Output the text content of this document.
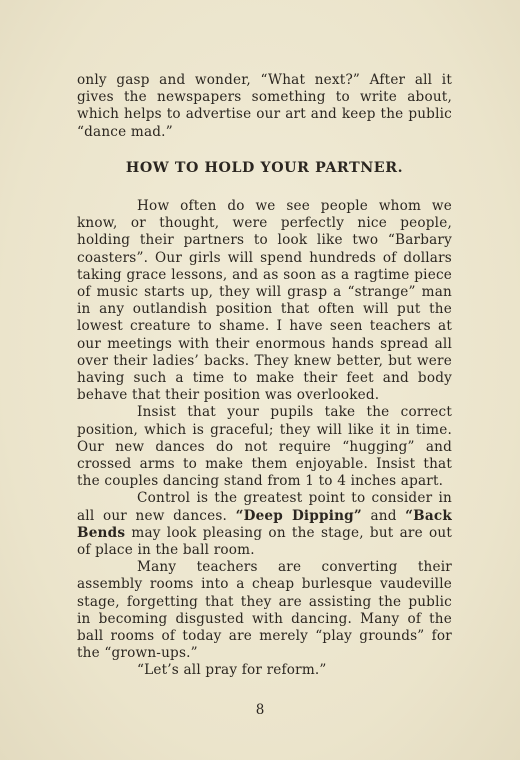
only gasp and wonder, “What next?” After all it gives the newspapers something to write about, which helps to advertise our art and keep the public “dance mad.”

HOW TO HOLD YOUR PARTNER.

How often do we see people whom we know, or thought, were perfectly nice people, holding their partners to look like two “Barbary coasters”. Our girls will spend hundreds of dollars taking grace lessons, and as soon as a ragtime piece of music starts up, they will grasp a “strange” man in any outlandish position that often will put the lowest creature to shame. I have seen teachers at our meetings with their enormous hands spread all over their ladies’ backs. They knew better, but were having such a time to make their feet and body behave that their position was overlooked.

Insist that your pupils take the correct position, which is graceful; they will like it in time. Our new dances do not require “hugging” and crossed arms to make them enjoyable. Insist that the couples dancing stand from 1 to 4 inches apart.

Control is the greatest point to consider in all our new dances. “Deep Dipping” and “Back Bends may look pleasing on the stage, but are out of place in the ball room.

Many teachers are converting their assembly rooms into a cheap burlesque vaudeville stage, forgetting that they are assisting the public in becoming disgusted with dancing. Many of the ball rooms of today are merely “play grounds” for the “grown-ups.”

“Let’s all pray for reform.”

8
